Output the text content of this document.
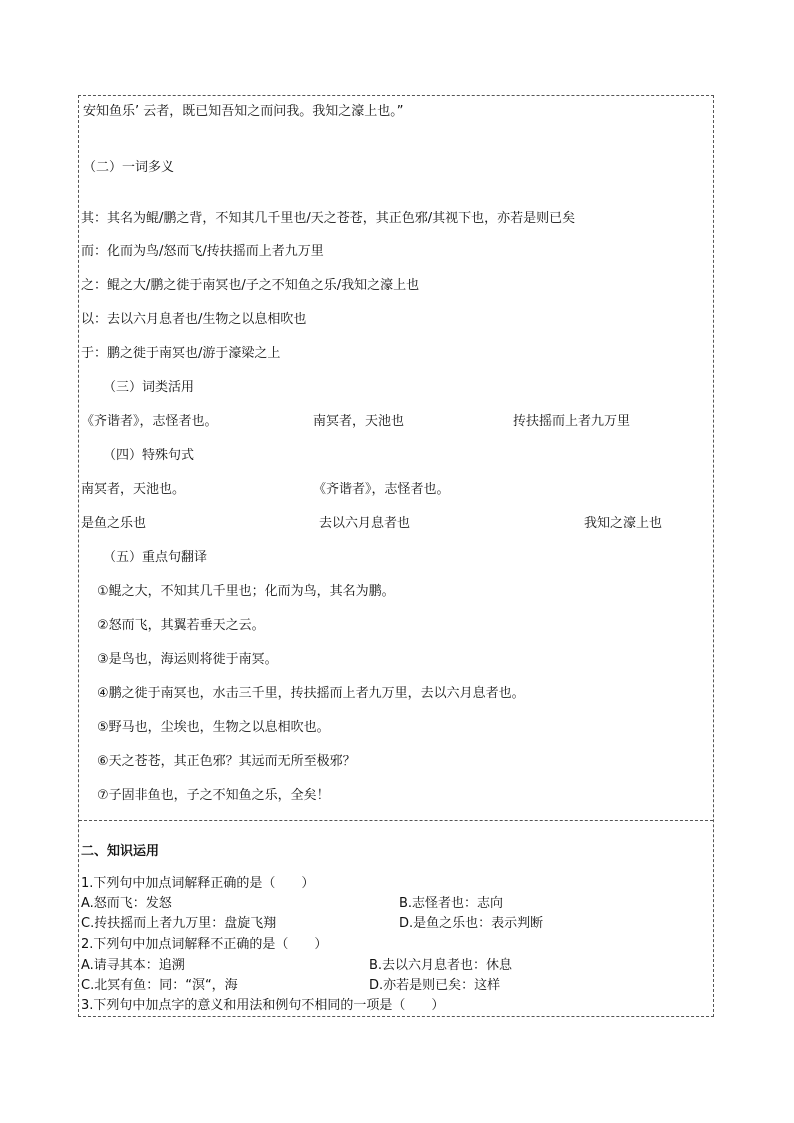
安知鱼乐’ 云者，既已知吾知之而问我。我知之濠上也。”
（二）一词多义
其：其名为鲲/鹏之背，不知其几千里也/天之苍苍，其正色邪/其视下也，亦若是则已矣
而：化而为鸟/怒而飞/抟扶摇而上者九万里
之：鲲之大/鹏之徙于南冥也/子之不知鱼之乐/我知之濠上也
以：去以六月息者也/生物之以息相吹也
于：鹏之徙于南冥也/游于濠梁之上
（三）词类活用
《齐谐者》，志怪者也。	南冥者，天池也	抟扶摇而上者九万里
（四）特殊句式
南冥者，天池也。	《齐谐者》，志怪者也。
是鱼之乐也	去以六月息者也	我知之濠上也
（五）重点句翻译
①鲲之大，不知其几千里也；化而为鸟，其名为鹏。
②怒而飞，其翼若垂天之云。
③是鸟也，海运则将徙于南冥。
④鹏之徙于南冥也，水击三千里，抟扶摇而上者九万里，去以六月息者也。
⑤野马也，尘埃也，生物之以息相吹也。
⑥天之苍苍，其正色邪？其远而无所至极邪？
⑦子固非鱼也，子之不知鱼之乐，全矣！
二、知识运用
1.下列句中加点词解释正确的是（　　）
A.怒而飞：发怒	B.志怪者也：志向
C.抟扶摇而上者九万里：盘旋飞翔	D.是鱼之乐也：表示判断
2.下列句中加点词解释不正确的是（　　）
A.请寻其本：追溯	B.去以六月息者也：休息
C.北冥有鱼：同：“溟“，海	D.亦若是则已矣：这样
3.下列句中加点字的意义和用法和例句不相同的一项是（　　）
